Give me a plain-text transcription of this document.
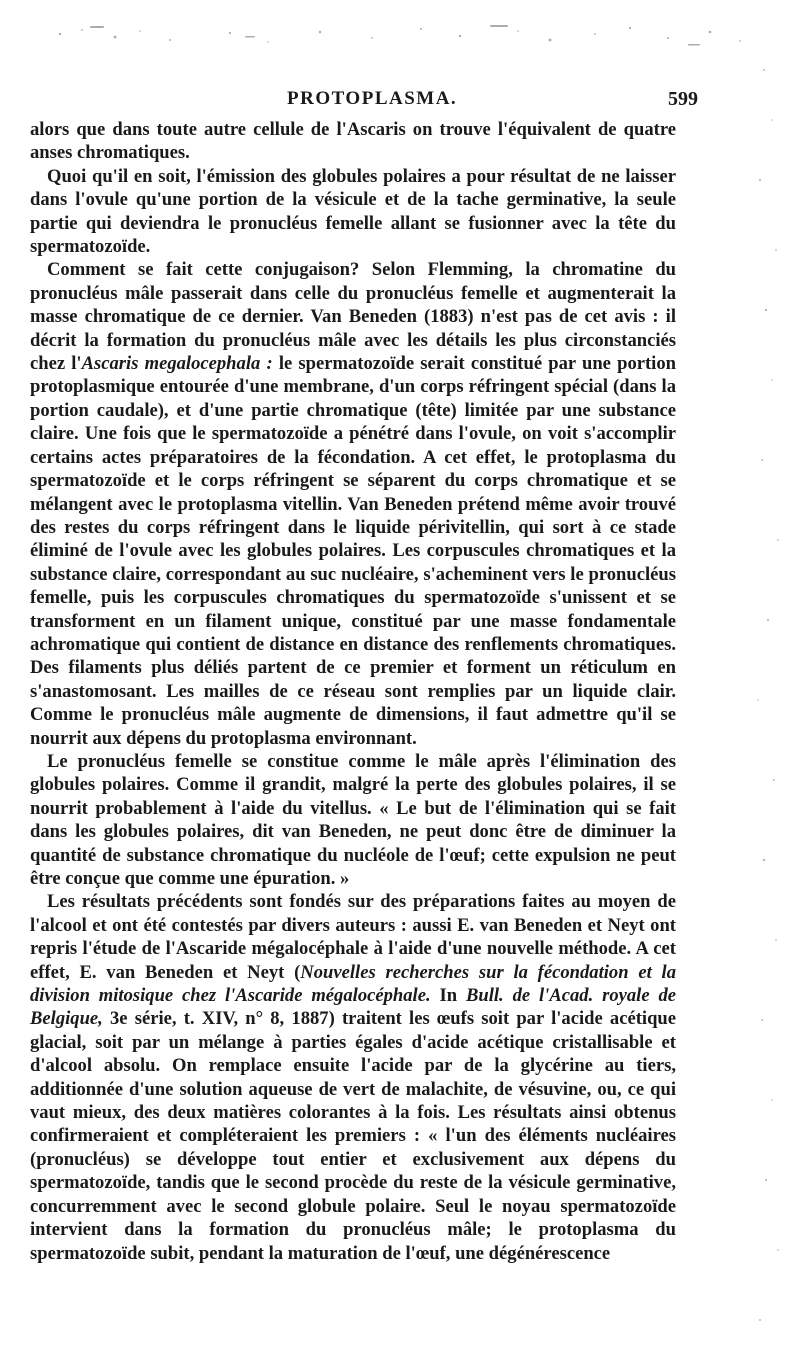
PROTOPLASMA.	599

alors que dans toute autre cellule de l'Ascaris on trouve l'équivalent de quatre anses chromatiques.

Quoi qu'il en soit, l'émission des globules polaires a pour résultat de ne laisser dans l'ovule qu'une portion de la vésicule et de la tache germinative, la seule partie qui deviendra le pronucléus femelle allant se fusionner avec la tête du spermatozoïde.

Comment se fait cette conjugaison? Selon Flemming, la chromatine du pronucléus mâle passerait dans celle du pronucléus femelle et augmenterait la masse chromatique de ce dernier. Van Beneden (1883) n'est pas de cet avis : il décrit la formation du pronucléus mâle avec les détails les plus circonstanciés chez l'Ascaris megalocephala : le spermatozoïde serait constitué par une portion protoplasmique entourée d'une membrane, d'un corps réfringent spécial (dans la portion caudale), et d'une partie chromatique (tête) limitée par une substance claire. Une fois que le spermatozoïde a pénétré dans l'ovule, on voit s'accomplir certains actes préparatoires de la fécondation. A cet effet, le protoplasma du spermatozoïde et le corps réfringent se séparent du corps chromatique et se mélangent avec le protoplasma vitellin. Van Beneden prétend même avoir trouvé des restes du corps réfringent dans le liquide périvitellin, qui sort à ce stade éliminé de l'ovule avec les globules polaires. Les corpuscules chromatiques et la substance claire, correspondant au suc nucléaire, s'acheminent vers le pronucléus femelle, puis les corpuscules chromatiques du spermatozoïde s'unissent et se transforment en un filament unique, constitué par une masse fondamentale achromatique qui contient de distance en distance des renflements chromatiques. Des filaments plus déliés partent de ce premier et forment un réticulum en s'anastomosant. Les mailles de ce réseau sont remplies par un liquide clair. Comme le pronucléus mâle augmente de dimensions, il faut admettre qu'il se nourrit aux dépens du protoplasma environnant.

Le pronucléus femelle se constitue comme le mâle après l'élimination des globules polaires. Comme il grandit, malgré la perte des globules polaires, il se nourrit probablement à l'aide du vitellus. « Le but de l'élimination qui se fait dans les globules polaires, dit van Beneden, ne peut donc être de diminuer la quantité de substance chromatique du nucléole de l'œuf; cette expulsion ne peut être conçue que comme une épuration. »

Les résultats précédents sont fondés sur des préparations faites au moyen de l'alcool et ont été contestés par divers auteurs : aussi E. van Beneden et Neyt ont repris l'étude de l'Ascaride mégalocéphale à l'aide d'une nouvelle méthode. A cet effet, E. van Beneden et Neyt (Nouvelles recherches sur la fécondation et la division mitosique chez l'Ascaride mégalocéphale. In Bull. de l'Acad. royale de Belgique, 3e série, t. XIV, n° 8, 1887) traitent les œufs soit par l'acide acétique glacial, soit par un mélange à parties égales d'acide acétique cristallisable et d'alcool absolu. On remplace ensuite l'acide par de la glycérine au tiers, additionnée d'une solution aqueuse de vert de malachite, de vésuvine, ou, ce qui vaut mieux, des deux matières colorantes à la fois. Les résultats ainsi obtenus confirmeraient et compléteraient les premiers : « l'un des éléments nucléaires (pronucléus) se développe tout entier et exclusivement aux dépens du spermatozoïde, tandis que le second procède du reste de la vésicule germinative, concurremment avec le second globule polaire. Seul le noyau spermatozoïde intervient dans la formation du pronucléus mâle; le protoplasma du spermatozoïde subit, pendant la maturation de l'œuf, une dégénérescence
